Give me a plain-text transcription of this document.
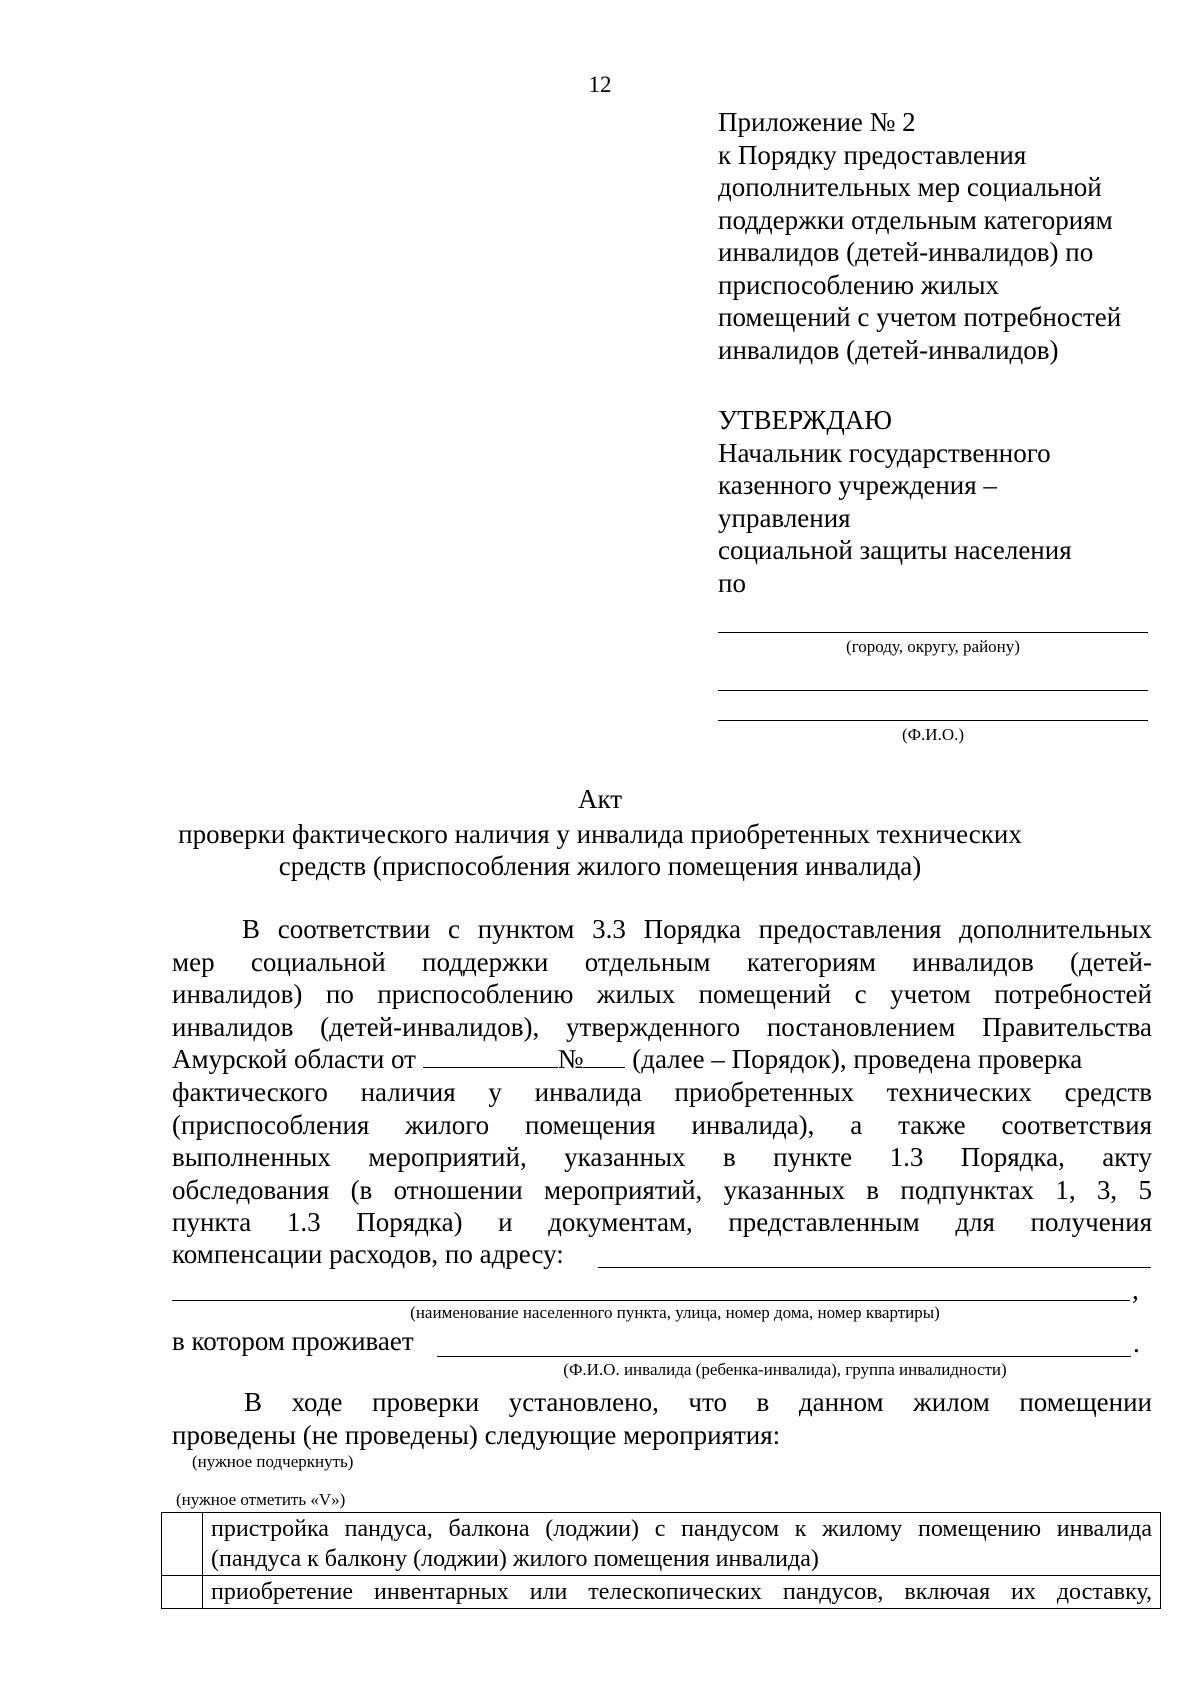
12
Приложение № 2
к Порядку предоставления
дополнительных мер социальной
поддержки отдельным категориям
инвалидов (детей-инвалидов) по
приспособлению жилых
помещений с учетом потребностей
инвалидов (детей-инвалидов)
УТВЕРЖДАЮ
Начальник государственного
казенного учреждения –
управления
социальной защиты населения
по
(городу, округу, району)
(Ф.И.О.)
Акт
проверки фактического наличия у инвалида приобретенных технических
средств (приспособления жилого помещения инвалида)
В соответствии с пунктом 3.3 Порядка предоставления дополнительных
мер социальной поддержки отдельным категориям инвалидов (детей-
инвалидов) по приспособлению жилых помещений с учетом потребностей
инвалидов (детей-инвалидов), утвержденного постановлением Правительства
Амурской области от	№ (далее – Порядок), проведена проверка
фактического наличия у инвалида приобретенных технических средств
(приспособления жилого помещения инвалида), а также соответствия
выполненных мероприятий, указанных в пункте 1.3 Порядка, акту
обследования (в отношении мероприятий, указанных в подпунктах 1, 3, 5
пункта 1.3 Порядка) и документам, представленным для получения
компенсации расходов, по адресу:
,
(наименование населенного пункта, улица, номер дома, номер квартиры)
в котором проживает	.
(Ф.И.О. инвалида (ребенка-инвалида), группа инвалидности)
В ходе проверки установлено, что в данном жилом помещении
проведены (не проведены) следующие мероприятия:
(нужное подчеркнуть)
(нужное отметить «V»)
	пристройка пандуса, балкона (лоджии) с пандусом к жилому помещению инвалида (пандуса к балкону (лоджии) жилого помещения инвалида)
	приобретение инвентарных или телескопических пандусов, включая их доставку,
